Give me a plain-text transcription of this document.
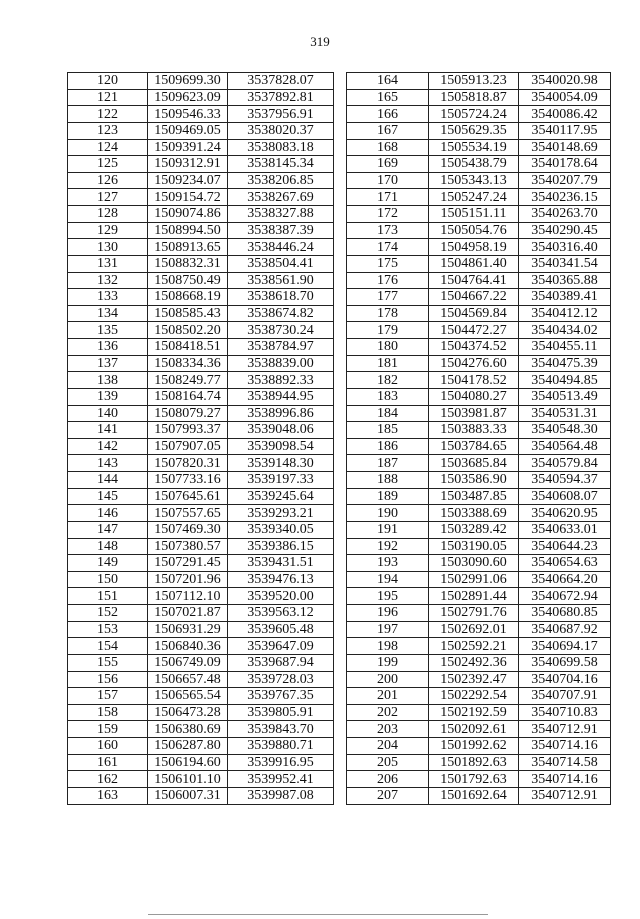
319
120	1509699.30	3537828.07
121	1509623.09	3537892.81
122	1509546.33	3537956.91
123	1509469.05	3538020.37
124	1509391.24	3538083.18
125	1509312.91	3538145.34
126	1509234.07	3538206.85
127	1509154.72	3538267.69
128	1509074.86	3538327.88
129	1508994.50	3538387.39
130	1508913.65	3538446.24
131	1508832.31	3538504.41
132	1508750.49	3538561.90
133	1508668.19	3538618.70
134	1508585.43	3538674.82
135	1508502.20	3538730.24
136	1508418.51	3538784.97
137	1508334.36	3538839.00
138	1508249.77	3538892.33
139	1508164.74	3538944.95
140	1508079.27	3538996.86
141	1507993.37	3539048.06
142	1507907.05	3539098.54
143	1507820.31	3539148.30
144	1507733.16	3539197.33
145	1507645.61	3539245.64
146	1507557.65	3539293.21
147	1507469.30	3539340.05
148	1507380.57	3539386.15
149	1507291.45	3539431.51
150	1507201.96	3539476.13
151	1507112.10	3539520.00
152	1507021.87	3539563.12
153	1506931.29	3539605.48
154	1506840.36	3539647.09
155	1506749.09	3539687.94
156	1506657.48	3539728.03
157	1506565.54	3539767.35
158	1506473.28	3539805.91
159	1506380.69	3539843.70
160	1506287.80	3539880.71
161	1506194.60	3539916.95
162	1506101.10	3539952.41
163	1506007.31	3539987.08
164	1505913.23	3540020.98
165	1505818.87	3540054.09
166	1505724.24	3540086.42
167	1505629.35	3540117.95
168	1505534.19	3540148.69
169	1505438.79	3540178.64
170	1505343.13	3540207.79
171	1505247.24	3540236.15
172	1505151.11	3540263.70
173	1505054.76	3540290.45
174	1504958.19	3540316.40
175	1504861.40	3540341.54
176	1504764.41	3540365.88
177	1504667.22	3540389.41
178	1504569.84	3540412.12
179	1504472.27	3540434.02
180	1504374.52	3540455.11
181	1504276.60	3540475.39
182	1504178.52	3540494.85
183	1504080.27	3540513.49
184	1503981.87	3540531.31
185	1503883.33	3540548.30
186	1503784.65	3540564.48
187	1503685.84	3540579.84
188	1503586.90	3540594.37
189	1503487.85	3540608.07
190	1503388.69	3540620.95
191	1503289.42	3540633.01
192	1503190.05	3540644.23
193	1503090.60	3540654.63
194	1502991.06	3540664.20
195	1502891.44	3540672.94
196	1502791.76	3540680.85
197	1502692.01	3540687.92
198	1502592.21	3540694.17
199	1502492.36	3540699.58
200	1502392.47	3540704.16
201	1502292.54	3540707.91
202	1502192.59	3540710.83
203	1502092.61	3540712.91
204	1501992.62	3540714.16
205	1501892.63	3540714.58
206	1501792.63	3540714.16
207	1501692.64	3540712.91
